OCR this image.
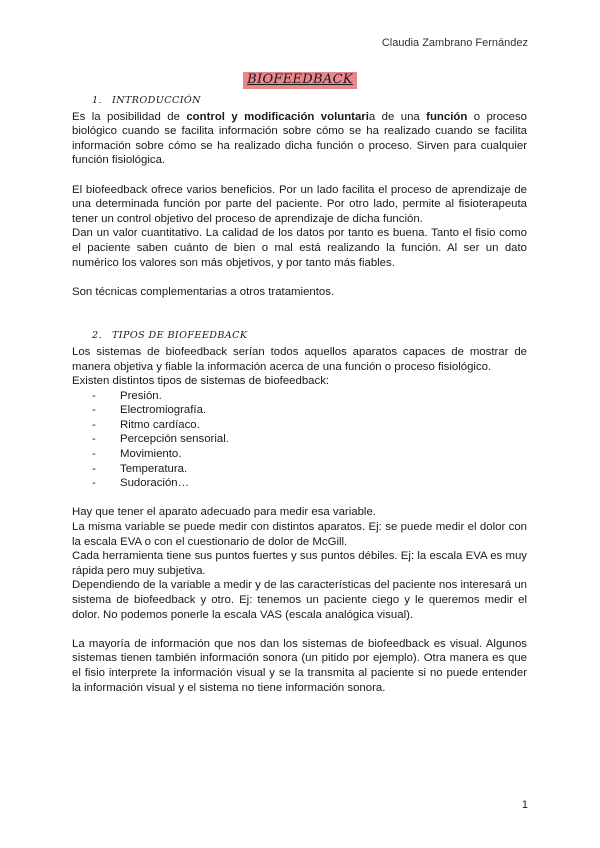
Claudia Zambrano Fernández
BIOFEEDBACK
1. INTRODUCCIÓN

Es la posibilidad de control y modificación voluntaria de una función o proceso biológico cuando se facilita información sobre cómo se ha realizado cuando se facilita información sobre cómo se ha realizado dicha función o proceso. Sirven para cualquier función fisiológica.

El biofeedback ofrece varios beneficios. Por un lado facilita el proceso de aprendizaje de una determinada función por parte del paciente. Por otro lado, permite al fisioterapeuta tener un control objetivo del proceso de aprendizaje de dicha función.

Dan un valor cuantitativo. La calidad de los datos por tanto es buena. Tanto el fisio como el paciente saben cuánto de bien o mal está realizando la función. Al ser un dato numérico los valores son más objetivos, y por tanto más fiables.

Son técnicas complementarias a otros tratamientos.

2. TIPOS DE BIOFEEDBACK

Los sistemas de biofeedback serían todos aquellos aparatos capaces de mostrar de manera objetiva y fiable la información acerca de una función o proceso fisiológico.

Existen distintos tipos de sistemas de biofeedback:

- Presión.
- Electromiografía.
- Ritmo cardíaco.
- Percepción sensorial.
- Movimiento.
- Temperatura.
- Sudoración…

Hay que tener el aparato adecuado para medir esa variable.

La misma variable se puede medir con distintos aparatos. Ej: se puede medir el dolor con la escala EVA o con el cuestionario de dolor de McGill.

Cada herramienta tiene sus puntos fuertes y sus puntos débiles. Ej: la escala EVA es muy rápida pero muy subjetiva.

Dependiendo de la variable a medir y de las características del paciente nos interesará un sistema de biofeedback y otro. Ej: tenemos un paciente ciego y le queremos medir el dolor. No podemos ponerle la escala VAS (escala analógica visual).

La mayoría de información que nos dan los sistemas de biofeedback es visual. Algunos sistemas tienen también información sonora (un pitido por ejemplo). Otra manera es que el fisio interprete la información visual y se la transmita al paciente si no puede entender la información visual y el sistema no tiene información sonora.

1
